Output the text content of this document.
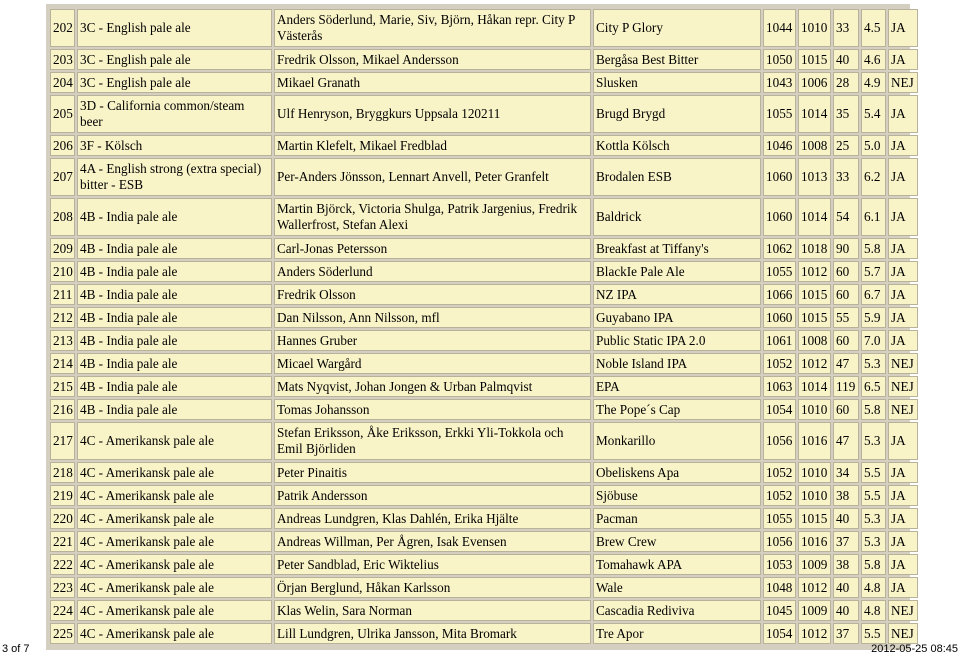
202	3C - English pale ale	Anders Söderlund, Marie, Siv, Björn, Håkan repr. City P Västerås	City P Glory	1044	1010	33	4.5	JA
203	3C - English pale ale	Fredrik Olsson, Mikael Andersson	Bergåsa Best Bitter	1050	1015	40	4.6	JA
204	3C - English pale ale	Mikael Granath	Slusken	1043	1006	28	4.9	NEJ
205	3D - California common/steam beer	Ulf Henryson, Bryggkurs Uppsala 120211	Brugd Brygd	1055	1014	35	5.4	JA
206	3F - Kölsch	Martin Klefelt, Mikael Fredblad	Kottla Kölsch	1046	1008	25	5.0	JA
207	4A - English strong (extra special) bitter - ESB	Per-Anders Jönsson, Lennart Anvell, Peter Granfelt	Brodalen ESB	1060	1013	33	6.2	JA
208	4B - India pale ale	Martin Björck, Victoria Shulga, Patrik Jargenius, Fredrik Wallerfrost, Stefan Alexi	Baldrick	1060	1014	54	6.1	JA
209	4B - India pale ale	Carl-Jonas Petersson	Breakfast at Tiffany's	1062	1018	90	5.8	JA
210	4B - India pale ale	Anders Söderlund	BlackIe Pale Ale	1055	1012	60	5.7	JA
211	4B - India pale ale	Fredrik Olsson	NZ IPA	1066	1015	60	6.7	JA
212	4B - India pale ale	Dan Nilsson, Ann Nilsson, mfl	Guyabano IPA	1060	1015	55	5.9	JA
213	4B - India pale ale	Hannes Gruber	Public Static IPA 2.0	1061	1008	60	7.0	JA
214	4B - India pale ale	Micael Wargård	Noble Island IPA	1052	1012	47	5.3	NEJ
215	4B - India pale ale	Mats Nyqvist, Johan Jongen & Urban Palmqvist	EPA	1063	1014	119	6.5	NEJ
216	4B - India pale ale	Tomas Johansson	The Pope´s Cap	1054	1010	60	5.8	NEJ
217	4C - Amerikansk pale ale	Stefan Eriksson, Åke Eriksson, Erkki Yli-Tokkola och Emil Björliden	Monkarillo	1056	1016	47	5.3	JA
218	4C - Amerikansk pale ale	Peter Pinaitis	Obeliskens Apa	1052	1010	34	5.5	JA
219	4C - Amerikansk pale ale	Patrik Andersson	Sjöbuse	1052	1010	38	5.5	JA
220	4C - Amerikansk pale ale	Andreas Lundgren, Klas Dahlén, Erika Hjälte	Pacman	1055	1015	40	5.3	JA
221	4C - Amerikansk pale ale	Andreas Willman, Per Ågren, Isak Evensen	Brew Crew	1056	1016	37	5.3	JA
222	4C - Amerikansk pale ale	Peter Sandblad, Eric Wiktelius	Tomahawk APA	1053	1009	38	5.8	JA
223	4C - Amerikansk pale ale	Örjan Berglund, Håkan Karlsson	Wale	1048	1012	40	4.8	JA
224	4C - Amerikansk pale ale	Klas Welin, Sara Norman	Cascadia Rediviva	1045	1009	40	4.8	NEJ
225	4C - Amerikansk pale ale	Lill Lundgren, Ulrika Jansson, Mita Bromark	Tre Apor	1054	1012	37	5.5	NEJ
3 of 7	2012-05-25 08:45
